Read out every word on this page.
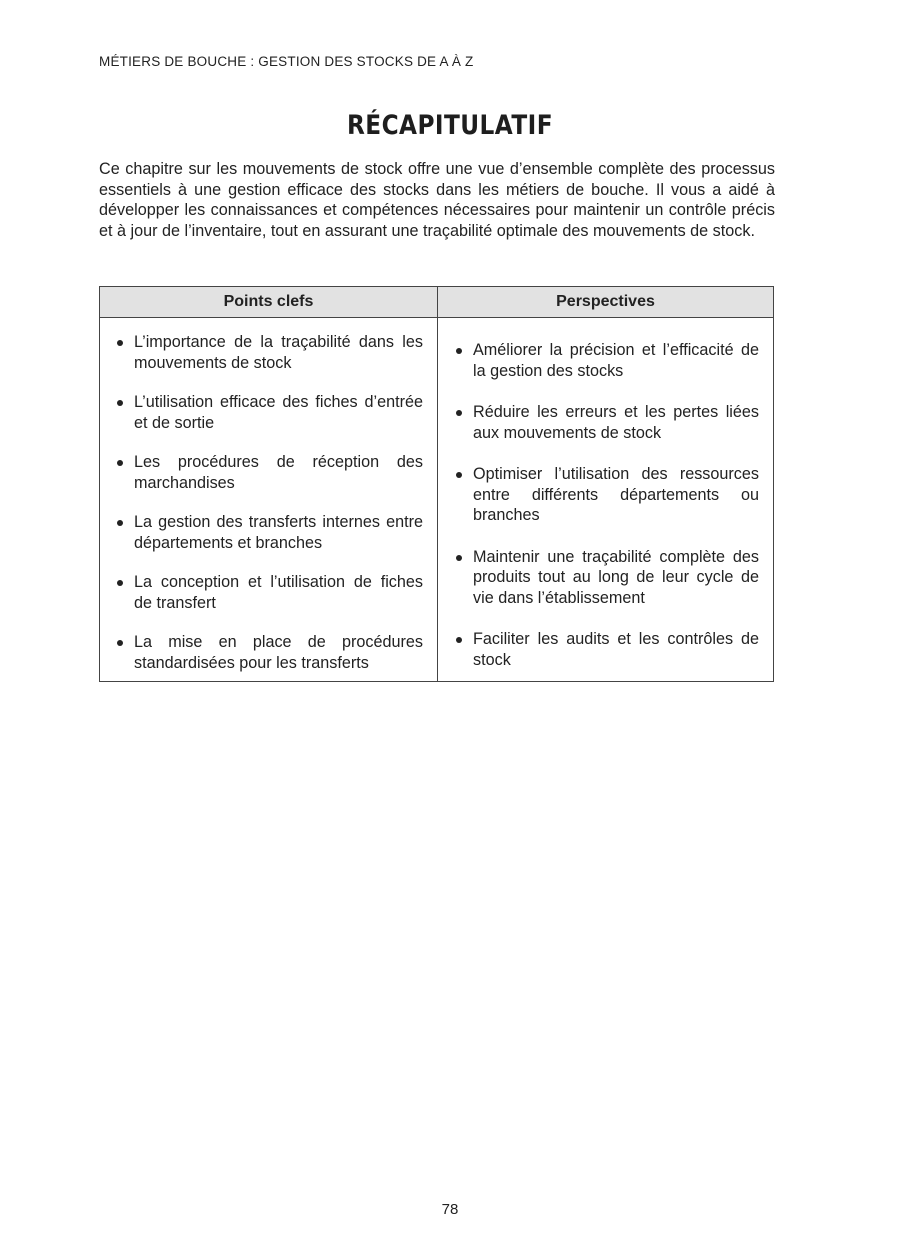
MÉTIERS DE BOUCHE : GESTION DES STOCKS DE A À Z
RÉCAPITULATIF

Ce chapitre sur les mouvements de stock offre une vue d’ensemble complète des processus essentiels à une gestion efficace des stocks dans les métiers de bouche. Il vous a aidé à développer les connaissances et compétences nécessaires pour maintenir un contrôle précis et à jour de l’inventaire, tout en assurant une traçabilité optimale des mouvements de stock.

Points clefs	Perspectives
L’importance de la traçabilité dans les mouvements de stock
L’utilisation efficace des fiches d’entrée et de sortie
Les procédures de réception des marchandises
La gestion des transferts internes entre départements et branches
La conception et l’utilisation de fiches de transfert
La mise en place de procédures standardisées pour les transferts
Améliorer la précision et l’efficacité de la gestion des stocks
Réduire les erreurs et les pertes liées aux mouvements de stock
Optimiser l’utilisation des ressources entre différents départements ou branches
Maintenir une traçabilité complète des produits tout au long de leur cycle de vie dans l’établissement
Faciliter les audits et les contrôles de stock
78
